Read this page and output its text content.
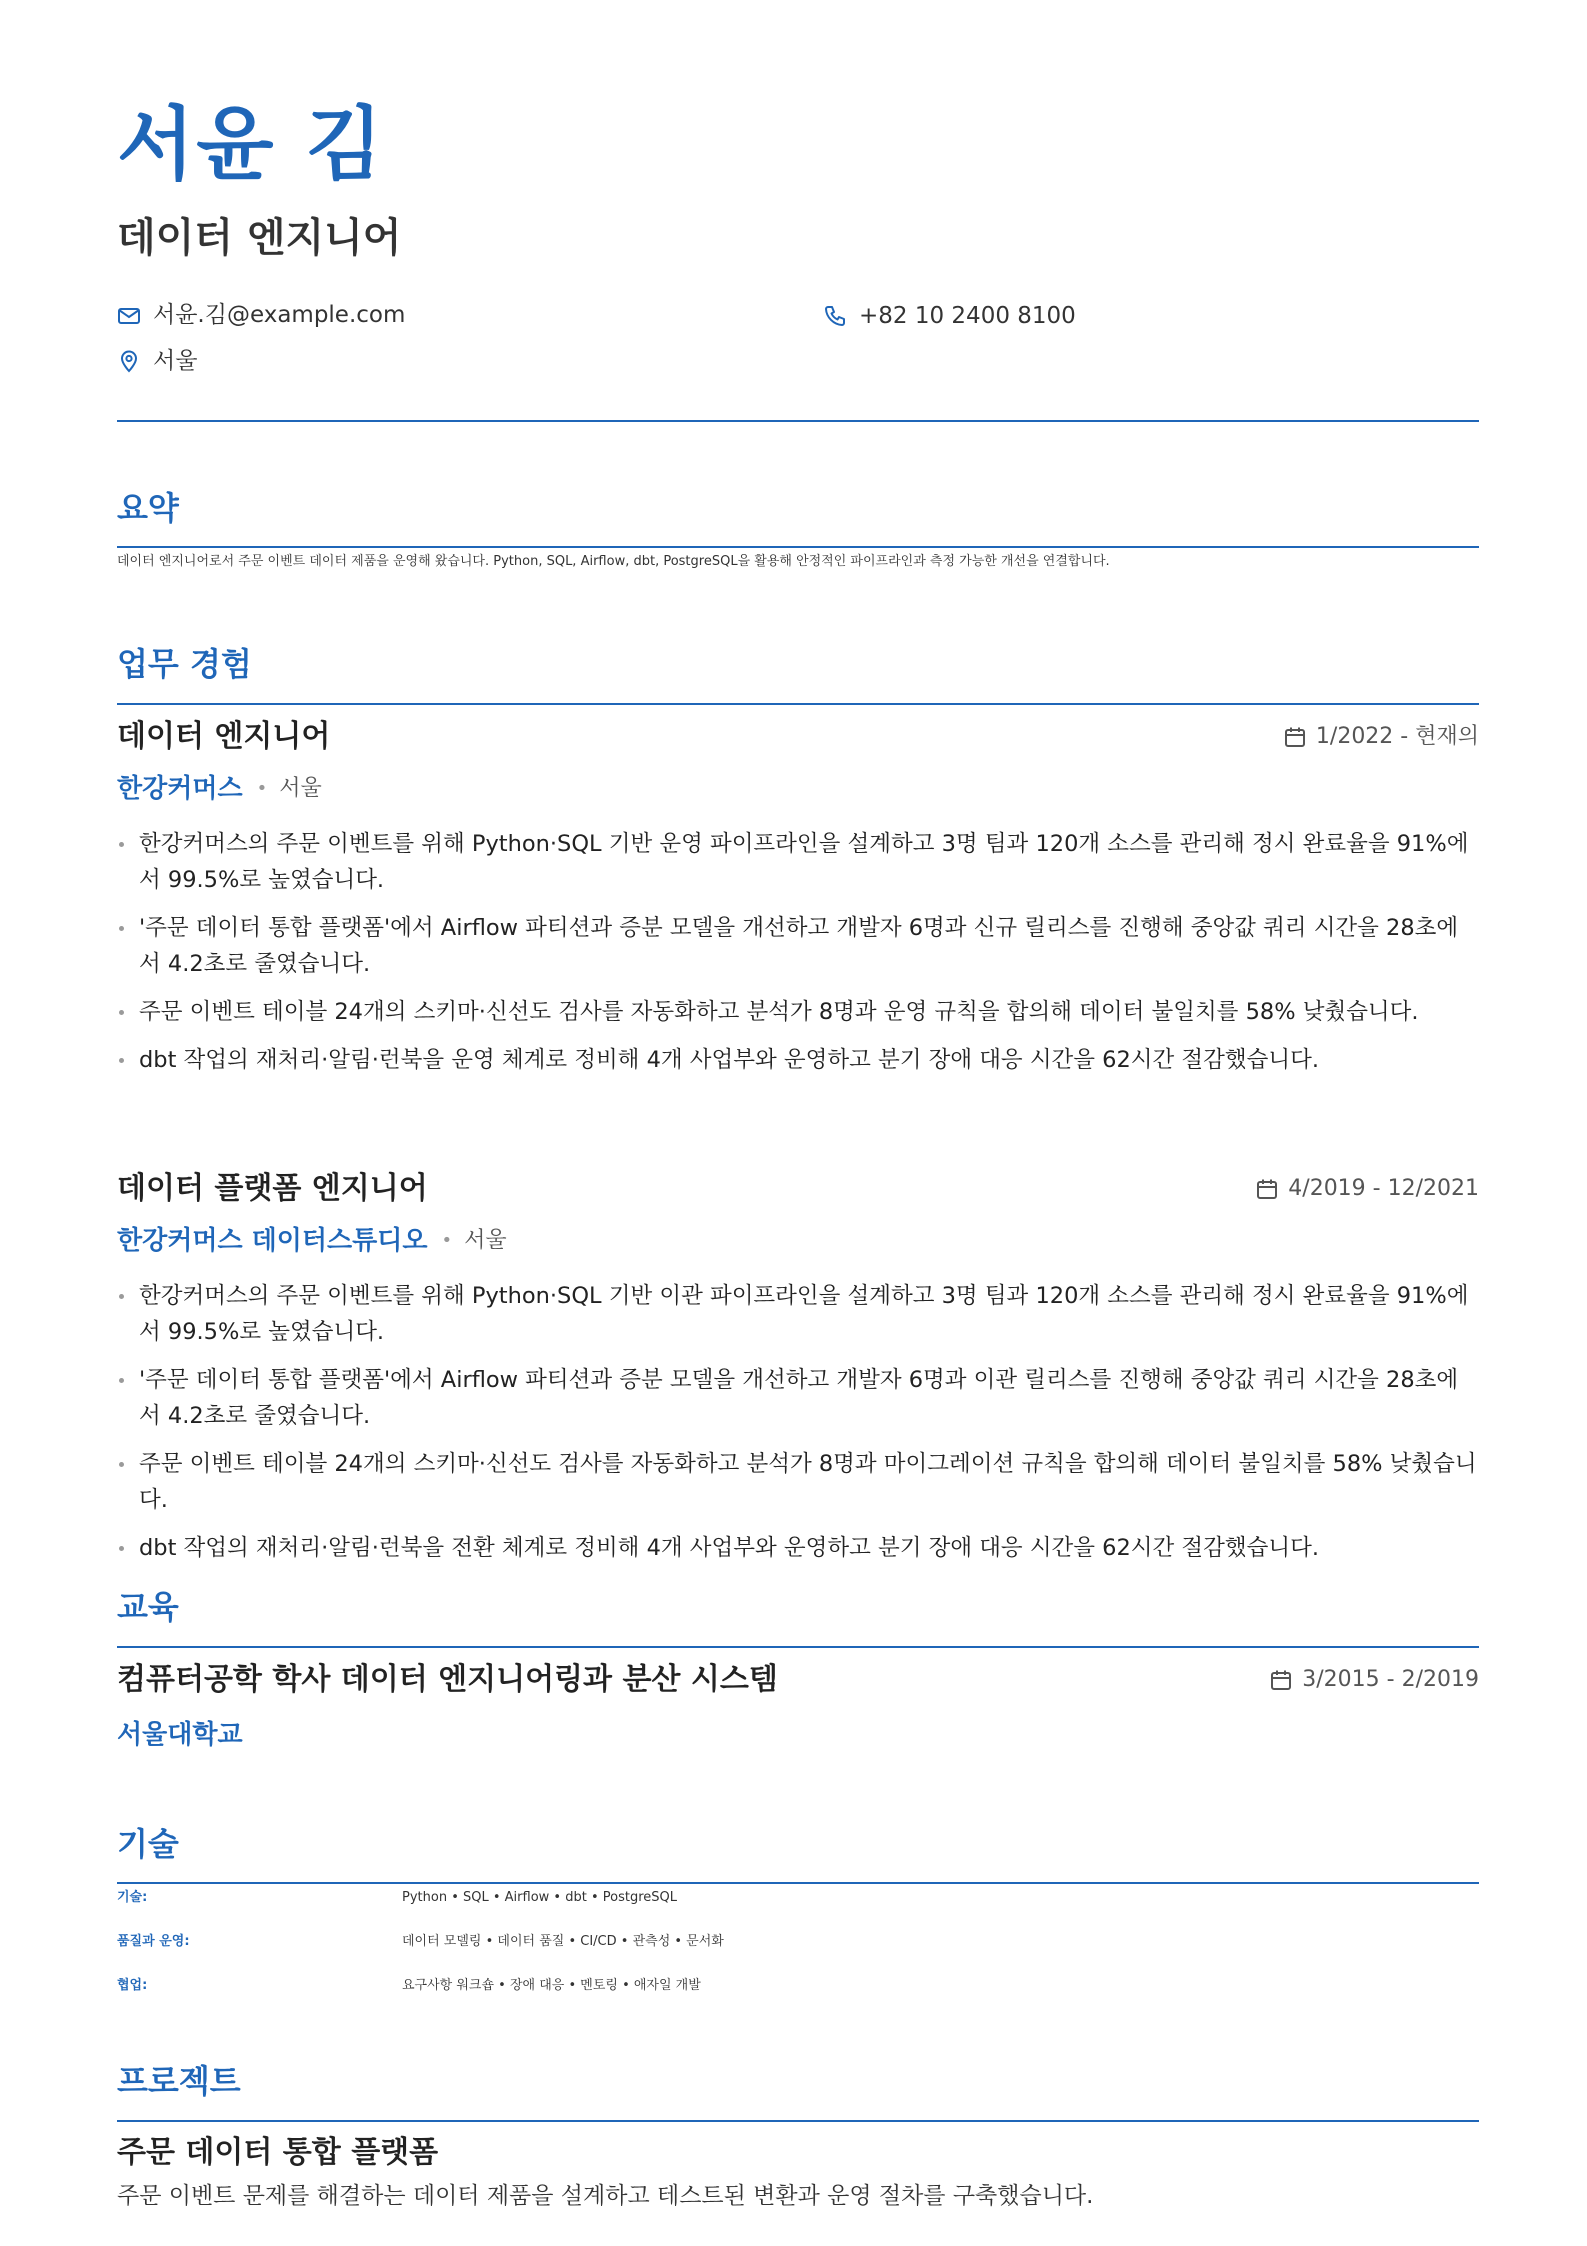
서윤 김
데이터 엔지니어
서윤.김@example.com	+82 10 2400 8100
서울
요약
데이터 엔지니어로서 주문 이벤트 데이터 제품을 운영해 왔습니다. Python, SQL, Airflow, dbt, PostgreSQL을 활용해 안정적인 파이프라인과 측정 가능한 개선을 연결합니다.
업무 경험
데이터 엔지니어	1/2022 - 현재의
한강커머스 • 서울
한강커머스의 주문 이벤트를 위해 Python·SQL 기반 운영 파이프라인을 설계하고 3명 팀과 120개 소스를 관리해 정시 완료율을 91%에서 99.5%로 높였습니다.
'주문 데이터 통합 플랫폼'에서 Airflow 파티션과 증분 모델을 개선하고 개발자 6명과 신규 릴리스를 진행해 중앙값 쿼리 시간을 28초에서 4.2초로 줄였습니다.
주문 이벤트 테이블 24개의 스키마·신선도 검사를 자동화하고 분석가 8명과 운영 규칙을 합의해 데이터 불일치를 58% 낮췄습니다.
dbt 작업의 재처리·알림·런북을 운영 체계로 정비해 4개 사업부와 운영하고 분기 장애 대응 시간을 62시간 절감했습니다.
데이터 플랫폼 엔지니어	4/2019 - 12/2021
한강커머스 데이터스튜디오 • 서울
한강커머스의 주문 이벤트를 위해 Python·SQL 기반 이관 파이프라인을 설계하고 3명 팀과 120개 소스를 관리해 정시 완료율을 91%에서 99.5%로 높였습니다.
'주문 데이터 통합 플랫폼'에서 Airflow 파티션과 증분 모델을 개선하고 개발자 6명과 이관 릴리스를 진행해 중앙값 쿼리 시간을 28초에서 4.2초로 줄였습니다.
주문 이벤트 테이블 24개의 스키마·신선도 검사를 자동화하고 분석가 8명과 마이그레이션 규칙을 합의해 데이터 불일치를 58% 낮췄습니다.
dbt 작업의 재처리·알림·런북을 전환 체계로 정비해 4개 사업부와 운영하고 분기 장애 대응 시간을 62시간 절감했습니다.
교육
컴퓨터공학 학사 데이터 엔지니어링과 분산 시스템	3/2015 - 2/2019
서울대학교
기술
기술:	Python • SQL • Airflow • dbt • PostgreSQL
품질과 운영:	데이터 모델링 • 데이터 품질 • CI/CD • 관측성 • 문서화
협업:	요구사항 워크숍 • 장애 대응 • 멘토링 • 애자일 개발
프로젝트
주문 데이터 통합 플랫폼
주문 이벤트 문제를 해결하는 데이터 제품을 설계하고 테스트된 변환과 운영 절차를 구축했습니다.
